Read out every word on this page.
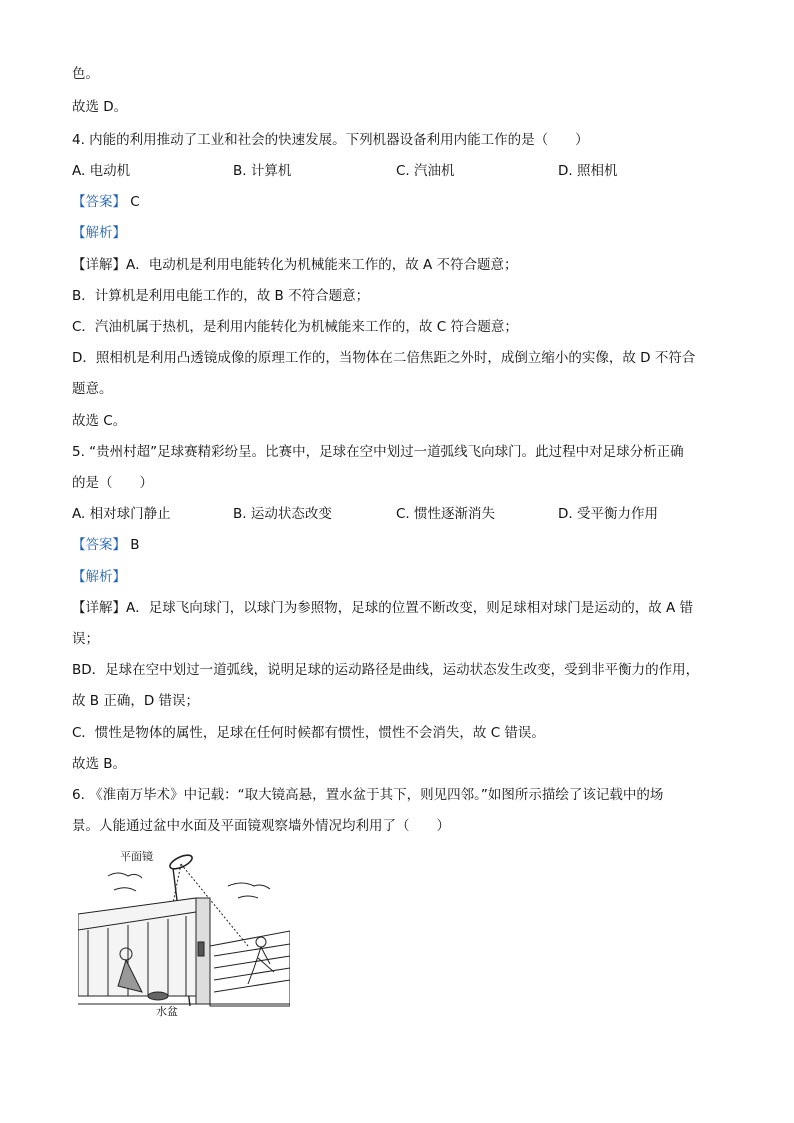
色。
故选 D。
4. 内能的利用推动了工业和社会的快速发展。下列机器设备利用内能工作的是（　　）
A. 电动机	B. 计算机	C. 汽油机	D. 照相机
【答案】 C
【解析】
【详解】A．电动机是利用电能转化为机械能来工作的，故 A 不符合题意；
B．计算机是利用电能工作的，故 B 不符合题意；
C．汽油机属于热机，是利用内能转化为机械能来工作的，故 C 符合题意；
D．照相机是利用凸透镜成像的原理工作的，当物体在二倍焦距之外时，成倒立缩小的实像，故 D 不符合
题意。
故选 C。
5. “贵州村超”足球赛精彩纷呈。比赛中，足球在空中划过一道弧线飞向球门。此过程中对足球分析正确
的是（　　）
A. 相对球门静止	B. 运动状态改变	C. 惯性逐渐消失	D. 受平衡力作用
【答案】 B
【解析】
【详解】A．足球飞向球门，以球门为参照物，足球的位置不断改变，则足球相对球门是运动的，故 A 错
误；
BD．足球在空中划过一道弧线，说明足球的运动路径是曲线，运动状态发生改变，受到非平衡力的作用，
故 B 正确，D 错误；
C．惯性是物体的属性，足球在任何时候都有惯性，惯性不会消失，故 C 错误。
故选 B。
6. 《淮南万毕术》中记载：“取大镜高悬，置水盆于其下，则见四邻。”如图所示描绘了该记载中的场
景。人能通过盆中水面及平面镜观察墙外情况均利用了（　　）
平面镜
水盆
